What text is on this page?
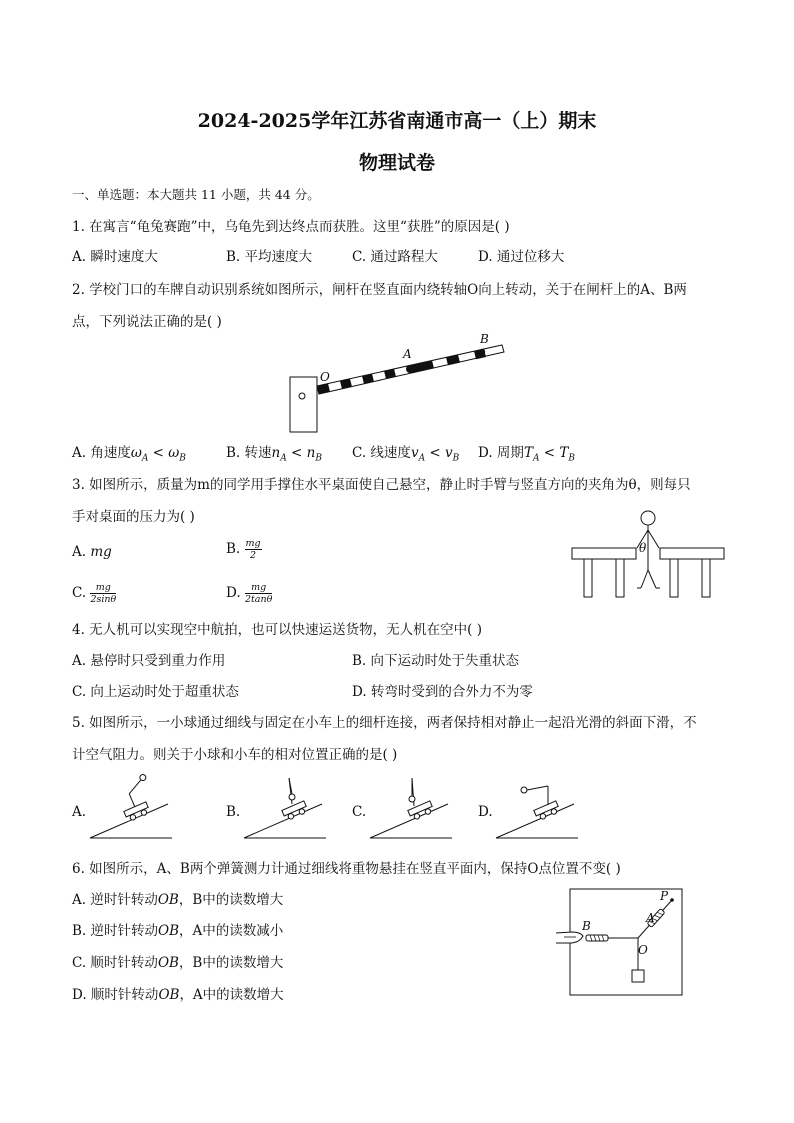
2024-2025学年江苏省南通市高一（上）期末
物理试卷
一、单选题：本大题共 11 小题，共 44 分。
1. 在寓言“龟兔赛跑”中，乌龟先到达终点而获胜。这里“获胜”的原因是( )
A. 瞬时速度大	B. 平均速度大	C. 通过路程大	D. 通过位移大
2. 学校门口的车牌自动识别系统如图所示，闸杆在竖直面内绕转轴O向上转动，关于在闸杆上的A、B两
点，下列说法正确的是( )
O
A
B
A. 角速度$\omega_A < \omega_B$	B. 转速$n_A < n_B$ C. 线速度$v_A < v_B$ D. 周期$T_A < T_B$
3. 如图所示，质量为m的同学用手撑住水平桌面使自己悬空，静止时手臂与竖直方向的夹角为θ，则每只
手对桌面的压力为( )
A. mg	B. $\frac{mg}{2}$
C. $\frac{mg}{2\sin\theta}$	D. $\frac{mg}{2\tan\theta}$
θ
4. 无人机可以实现空中航拍，也可以快速运送货物，无人机在空中( )
A. 悬停时只受到重力作用	B. 向下运动时处于失重状态
C. 向上运动时处于超重状态	D. 转弯时受到的合外力不为零
5. 如图所示，一小球通过细线与固定在小车上的细杆连接，两者保持相对静止一起沿光滑的斜面下滑，不
计空气阻力。则关于小球和小车的相对位置正确的是( )
A.	B.	C.	D.
6. 如图所示，A、B两个弹簧测力计通过细线将重物悬挂在竖直平面内，保持O点位置不变( )
A. 逆时针转动OB，B中的读数增大
B. 逆时针转动OB，A中的读数减小
C. 顺时针转动OB，B中的读数增大
D. 顺时针转动OB，A中的读数增大
P
A
B
O
